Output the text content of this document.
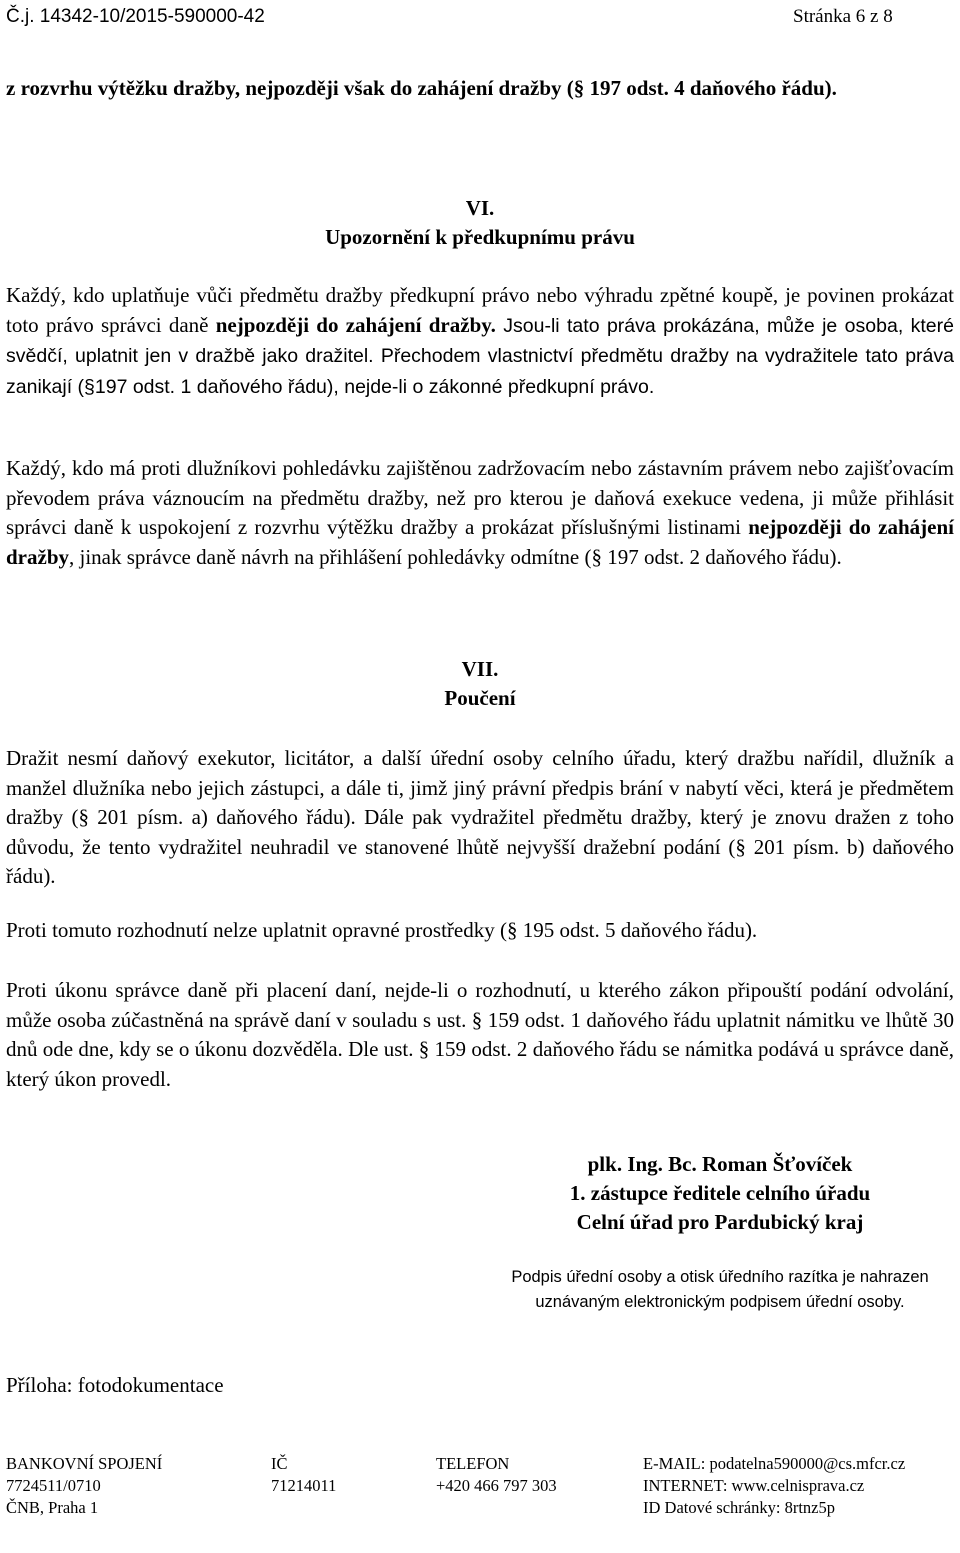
Č.j. 14342-10/2015-590000-42	Stránka 6 z 8
z rozvrhu výtěžku dražby, nejpozději však do zahájení dražby (§ 197 odst. 4 daňového řádu).
VI.
Upozornění k předkupnímu právu
Každý, kdo uplatňuje vůči předmětu dražby předkupní právo nebo výhradu zpětné koupě, je povinen prokázat toto právo správci daně nejpozději do zahájení dražby. Jsou-li tato práva prokázána, může je osoba, které svědčí, uplatnit jen v dražbě jako dražitel. Přechodem vlastnictví předmětu dražby na vydražitele tato práva zanikají (§197 odst. 1 daňového řádu), nejde-li o zákonné předkupní právo.
Každý, kdo má proti dlužníkovi pohledávku zajištěnou zadržovacím nebo zástavním právem nebo zajišťovacím převodem práva váznoucím na předmětu dražby, než pro kterou je daňová exekuce vedena, ji může přihlásit správci daně k uspokojení z rozvrhu výtěžku dražby a prokázat příslušnými listinami nejpozději do zahájení dražby, jinak správce daně návrh na přihlášení pohledávky odmítne (§ 197 odst. 2 daňového řádu).
VII.
Poučení
Dražit nesmí daňový exekutor, licitátor, a další úřední osoby celního úřadu, který dražbu nařídil, dlužník a manžel dlužníka nebo jejich zástupci, a dále ti, jimž jiný právní předpis brání v nabytí věci, která je předmětem dražby (§ 201 písm. a) daňového řádu). Dále pak vydražitel předmětu dražby, který je znovu dražen z toho důvodu, že tento vydražitel neuhradil ve stanovené lhůtě nejvyšší dražební podání (§ 201 písm. b) daňového řádu).
Proti tomuto rozhodnutí nelze uplatnit opravné prostředky (§ 195 odst. 5 daňového řádu).
Proti úkonu správce daně při placení daní, nejde-li o rozhodnutí, u kterého zákon připouští podání odvolání, může osoba zúčastněná na správě daní v souladu s ust. § 159 odst. 1 daňového řádu uplatnit námitku ve lhůtě 30 dnů ode dne, kdy se o úkonu dozvěděla. Dle ust. § 159 odst. 2 daňového řádu se námitka podává u správce daně, který úkon provedl.
plk. Ing. Bc. Roman Šťovíček
1. zástupce ředitele celního úřadu
Celní úřad pro Pardubický kraj
Podpis úřední osoby a otisk úředního razítka je nahrazen
uznávaným elektronickým podpisem úřední osoby.
Příloha: fotodokumentace
BANKOVNÍ SPOJENÍ
7724511/0710
ČNB, Praha 1
IČ
71214011
TELEFON
+420 466 797 303
E-MAIL: podatelna590000@cs.mfcr.cz
INTERNET: www.celnisprava.cz
ID Datové schránky: 8rtnz5p
